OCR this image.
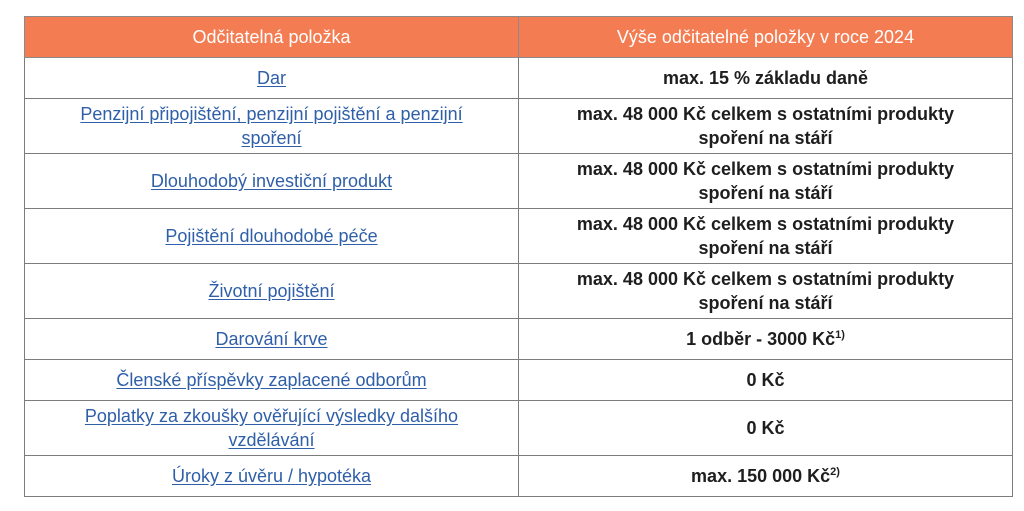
Odčitatelná položka	Výše odčitatelné položky v roce 2024
Dar	max. 15 % základu daně
Penzijní připojištění, penzijní pojištění a penzijní spoření	max. 48 000 Kč celkem s ostatními produkty spoření na stáří
Dlouhodobý investiční produkt	max. 48 000 Kč celkem s ostatními produkty spoření na stáří
Pojištění dlouhodobé péče	max. 48 000 Kč celkem s ostatními produkty spoření na stáří
Životní pojištění	max. 48 000 Kč celkem s ostatními produkty spoření na stáří
Darování krve	1 odběr - 3000 $Kč^{1)}$
Členské příspěvky zaplacené odborům	0 Kč
Poplatky za zkoušky ověřující výsledky dalšího vzdělávání	0 Kč
Úroky z úvěru / hypotéka	max. 150 000 $Kč^{2)}$
